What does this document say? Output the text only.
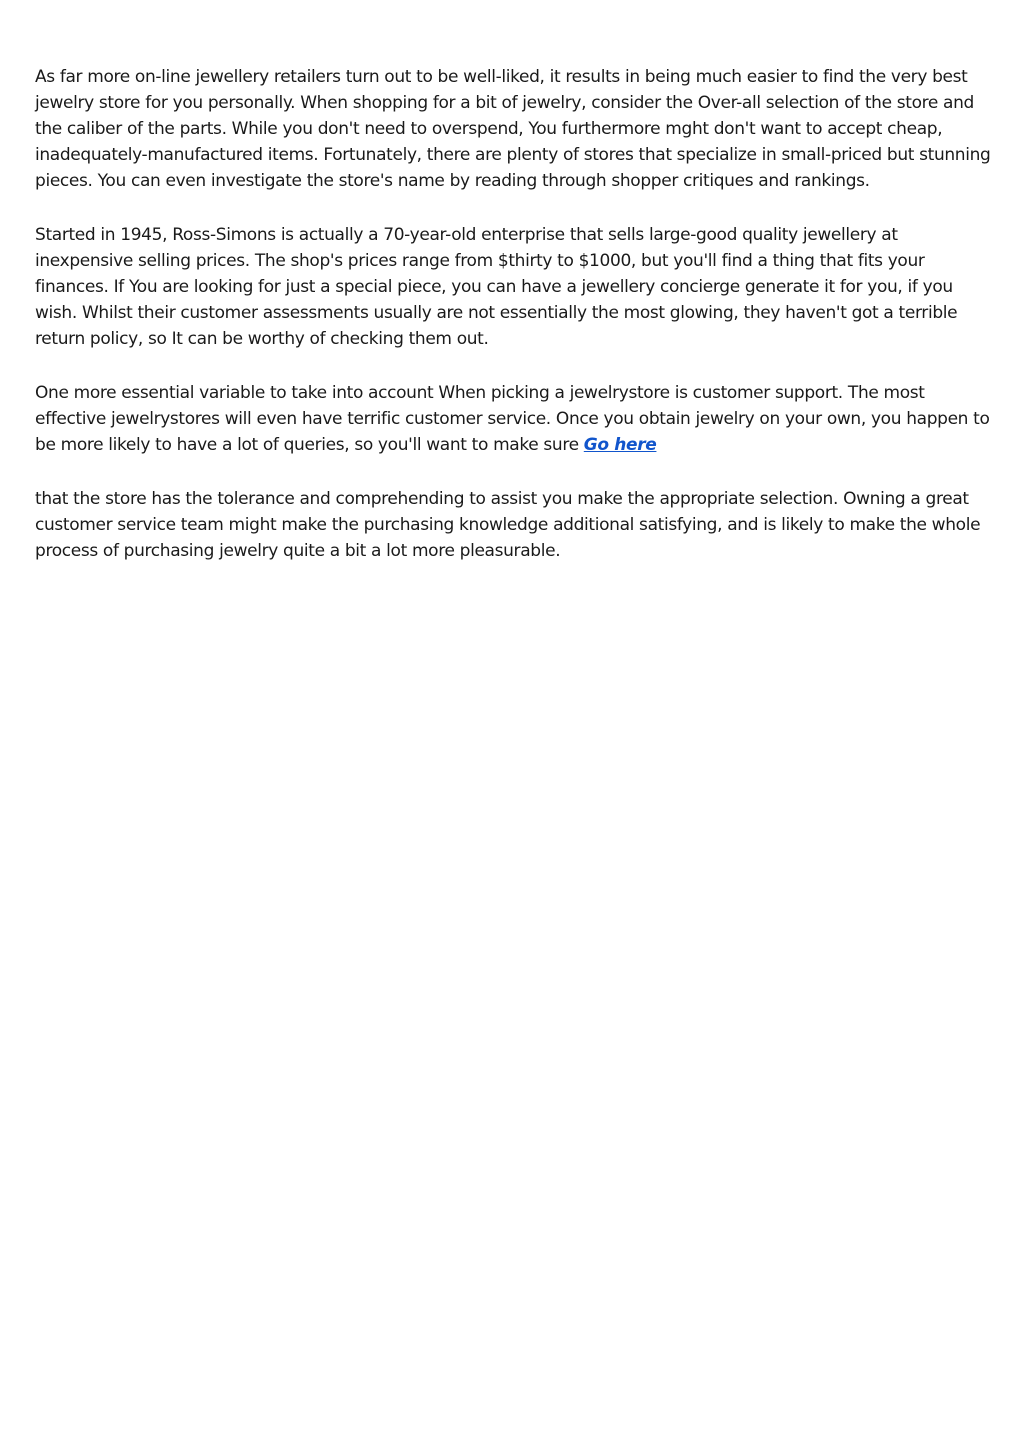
As far more on-line jewellery retailers turn out to be well-liked, it results in being much easier to find the very best jewelry store for you personally. When shopping for a bit of jewelry, consider the Over-all selection of the store and the caliber of the parts. While you don't need to overspend, You furthermore mght don't want to accept cheap, inadequately-manufactured items. Fortunately, there are plenty of stores that specialize in small-priced but stunning pieces. You can even investigate the store's name by reading through shopper critiques and rankings.

Started in 1945, Ross-Simons is actually a 70-year-old enterprise that sells large-good quality jewellery at inexpensive selling prices. The shop's prices range from $thirty to $1000, but you'll find a thing that fits your finances. If You are looking for just a special piece, you can have a jewellery concierge generate it for you, if you wish. Whilst their customer assessments usually are not essentially the most glowing, they haven't got a terrible return policy, so It can be worthy of checking them out.

One more essential variable to take into account When picking a jewelrystore is customer support. The most effective jewelrystores will even have terrific customer service. Once you obtain jewelry on your own, you happen to be more likely to have a lot of queries, so you'll want to make sure Go here

that the store has the tolerance and comprehending to assist you make the appropriate selection. Owning a great customer service team might make the purchasing knowledge additional satisfying, and is likely to make the whole process of purchasing jewelry quite a bit a lot more pleasurable.
